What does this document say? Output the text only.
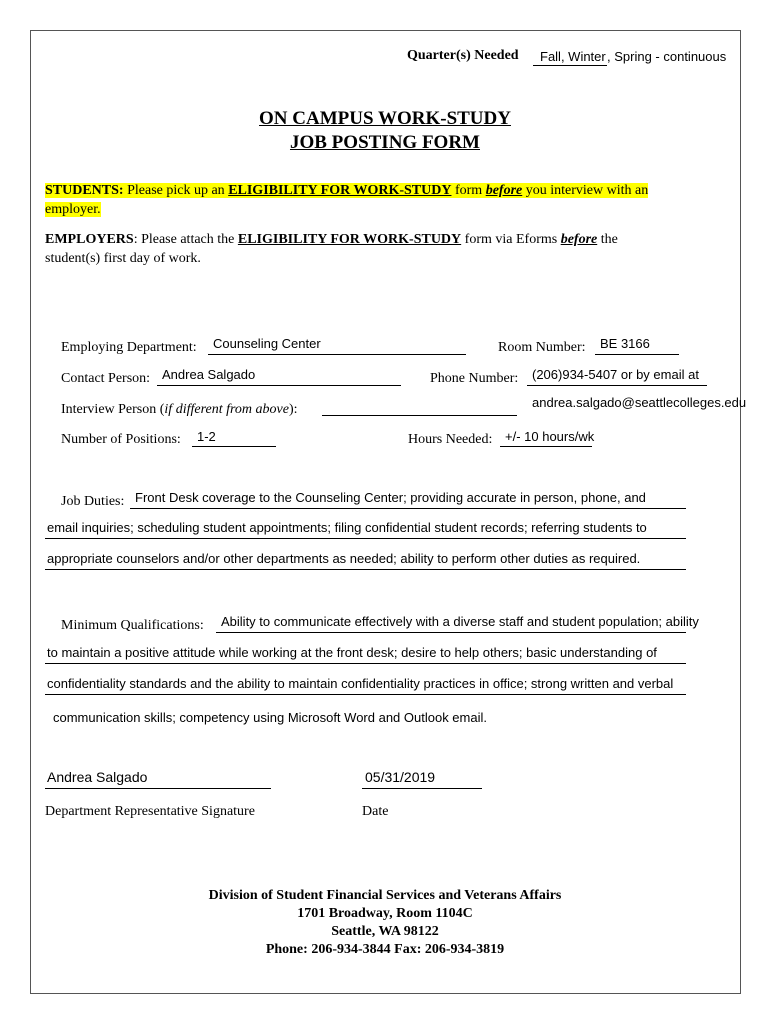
Quarter(s) Needed Fall, Winter , Spring - continuous
ON CAMPUS WORK-STUDY
JOB POSTING FORM
STUDENTS: Please pick up an ELIGIBILITY FOR WORK-STUDY form before you interview with an
employer.
EMPLOYERS: Please attach the ELIGIBILITY FOR WORK-STUDY form via Eforms before the
student(s) first day of work.
Employing Department: Counseling Center	Room Number: BE 3166
Contact Person: Andrea Salgado	Phone Number: (206)934-5407 or by email at
andrea.salgado@seattlecolleges.edu
Interview Person (if different from above):
Number of Positions: 1-2	Hours Needed: +/- 10 hours/wk
Job Duties: Front Desk coverage to the Counseling Center; providing accurate in person, phone, and
email inquiries; scheduling student appointments; filing confidential student records; referring students to
appropriate counselors and/or other departments as needed; ability to perform other duties as required.
Minimum Qualifications: Ability to communicate effectively with a diverse staff and student population; ability
to maintain a positive attitude while working at the front desk; desire to help others; basic understanding of
confidentiality standards and the ability to maintain confidentiality practices in office; strong written and verbal
communication skills; competency using Microsoft Word and Outlook email.
Andrea Salgado	05/31/2019
Department Representative Signature	Date
Division of Student Financial Services and Veterans Affairs
1701 Broadway, Room 1104C
Seattle, WA 98122
Phone: 206-934-3844 Fax: 206-934-3819
